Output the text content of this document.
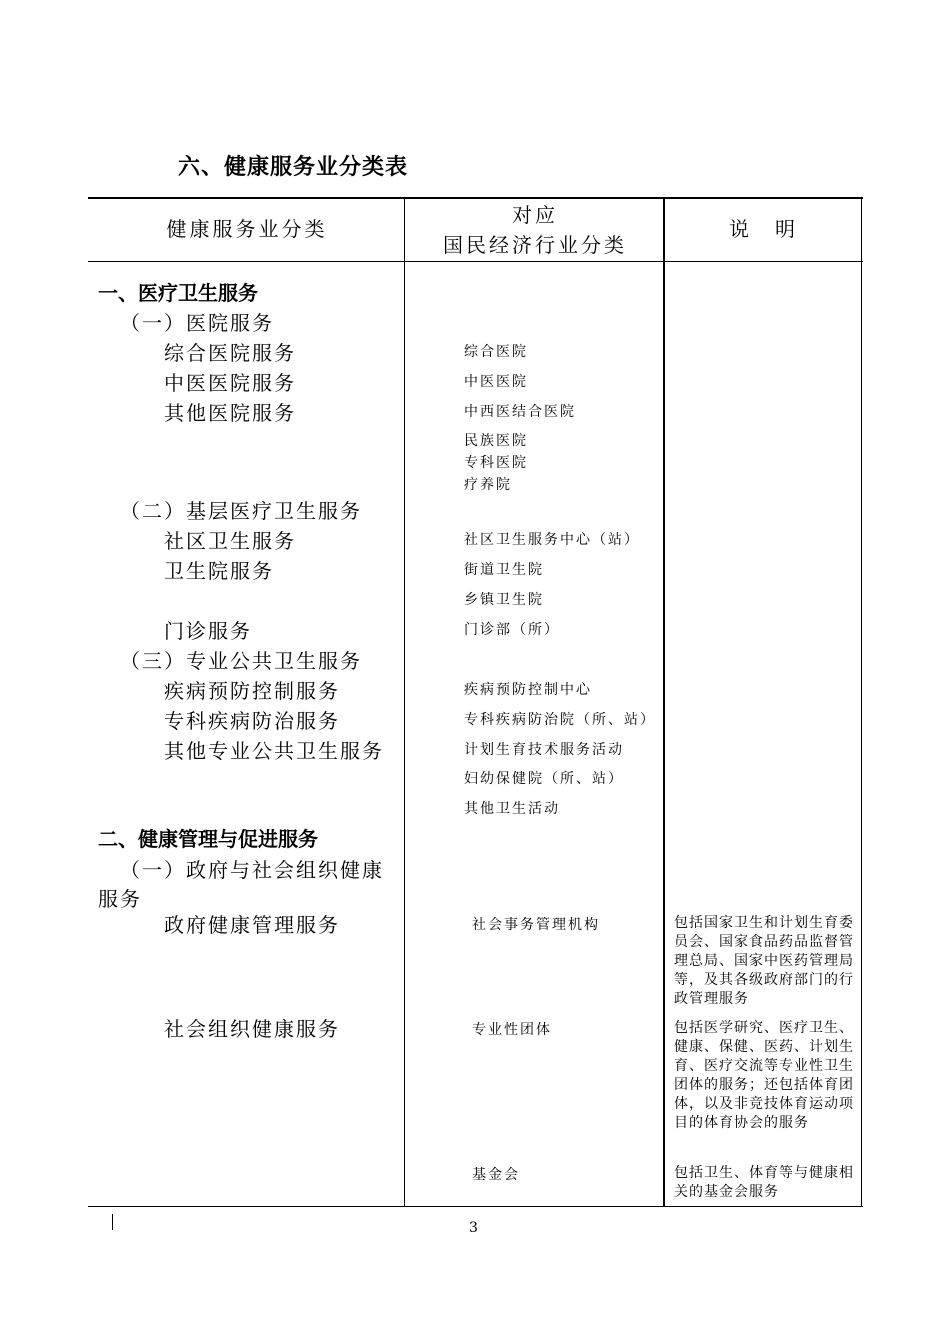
六、健康服务业分类表
健康服务业分类
对应
国民经济行业分类
说　明
一、医疗卫生服务
（一）医院服务
综合医院服务
中医医院服务
其他医院服务
（二）基层医疗卫生服务
社区卫生服务
卫生院服务
门诊服务
（三）专业公共卫生服务
疾病预防控制服务
专科疾病防治服务
其他专业公共卫生服务
二、健康管理与促进服务
（一）政府与社会组织健康
服务
政府健康管理服务
社会组织健康服务
综合医院
中医医院
中西医结合医院
民族医院
专科医院
疗养院
社区卫生服务中心（站）
街道卫生院
乡镇卫生院
门诊部（所）
疾病预防控制中心
专科疾病防治院（所、站）
计划生育技术服务活动
妇幼保健院（所、站）
其他卫生活动
社会事务管理机构
专业性团体
基金会
包括国家卫生和计划生育委员会、国家食品药品监督管理总局、国家中医药管理局等，及其各级政府部门的行政管理服务
包括医学研究、医疗卫生、健康、保健、医药、计划生育、医疗交流等专业性卫生团体的服务；还包括体育团体，以及非竞技体育运动项目的体育协会的服务
包括卫生、体育等与健康相关的基金会服务
3
